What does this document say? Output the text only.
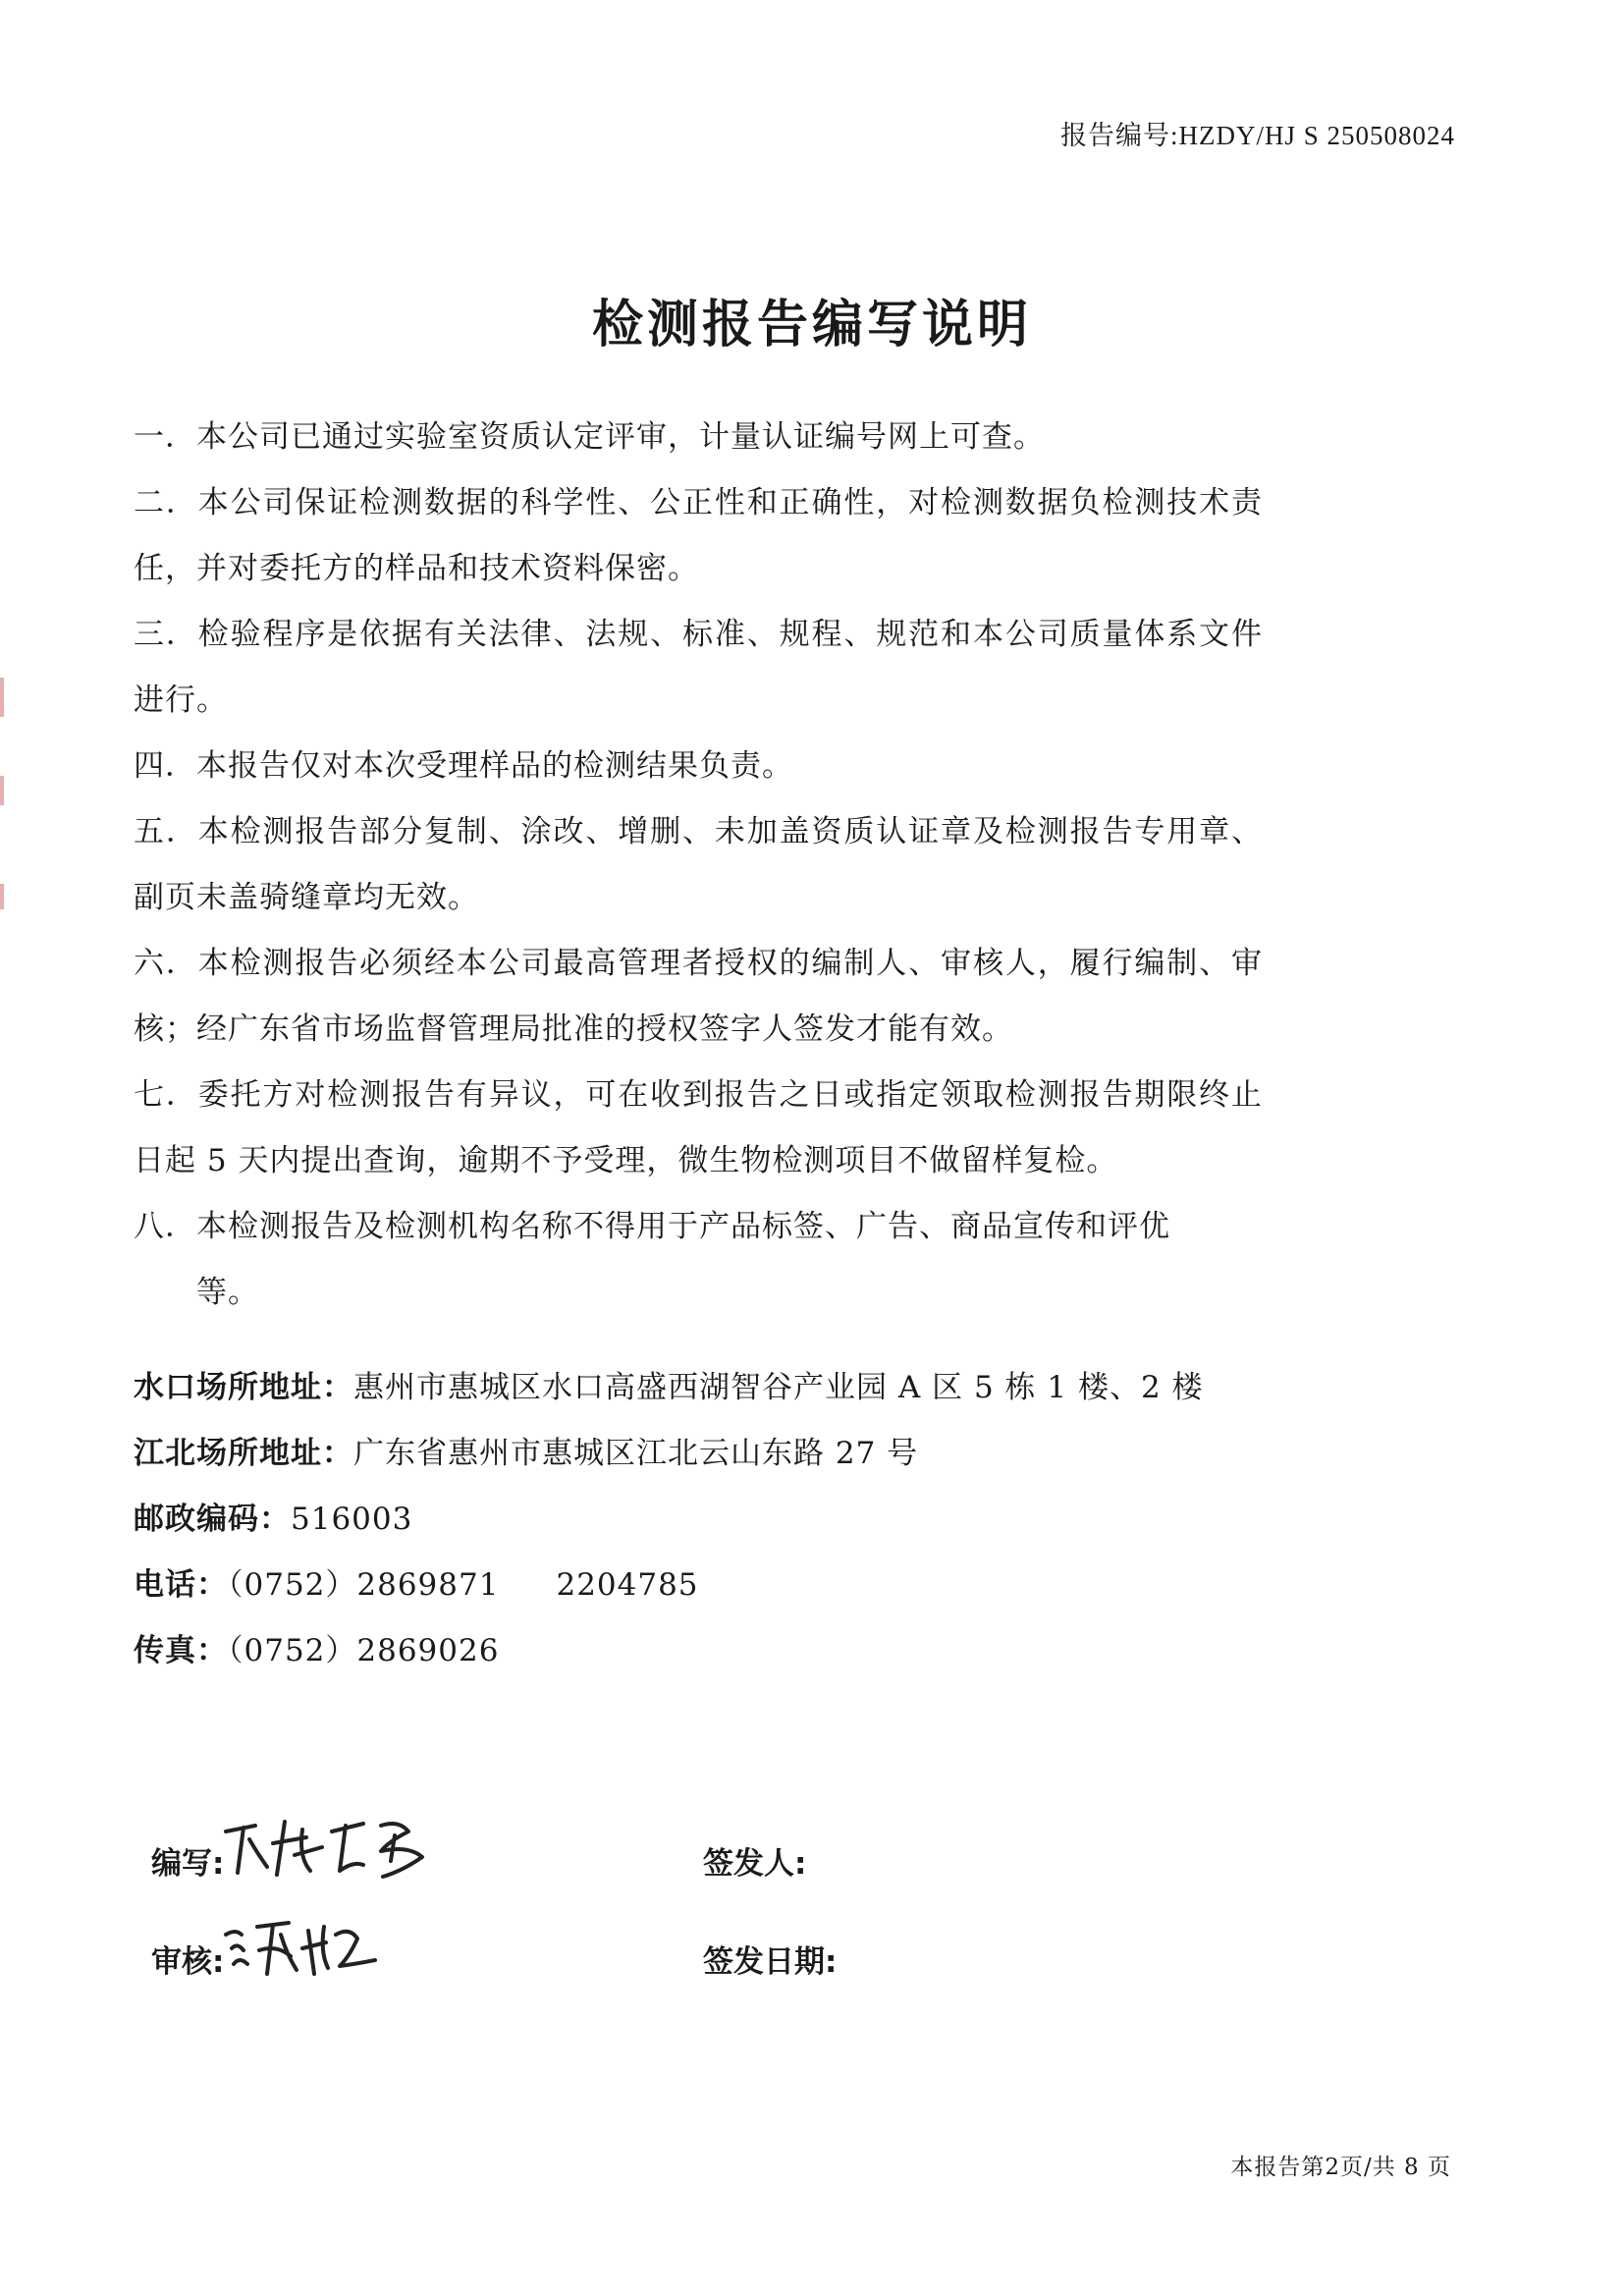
报告编号:HZDY/HJ S 250508024
检测报告编写说明
一．本公司已通过实验室资质认定评审，计量认证编号网上可查。
二．本公司保证检测数据的科学性、公正性和正确性，对检测数据负检测技术责任，并对委托方的样品和技术资料保密。
三．检验程序是依据有关法律、法规、标准、规程、规范和本公司质量体系文件进行。
四．本报告仅对本次受理样品的检测结果负责。
五．本检测报告部分复制、涂改、增删、未加盖资质认证章及检测报告专用章、副页未盖骑缝章均无效。
六．本检测报告必须经本公司最高管理者授权的编制人、审核人，履行编制、审核；经广东省市场监督管理局批准的授权签字人签发才能有效。
七．委托方对检测报告有异议，可在收到报告之日或指定领取检测报告期限终止日起 5 天内提出查询，逾期不予受理，微生物检测项目不做留样复检。
八．本检测报告及检测机构名称不得用于产品标签、广告、商品宣传和评优
等。
水口场所地址：惠州市惠城区水口高盛西湖智谷产业园 A 区 5 栋 1 楼、2 楼
江北场所地址：广东省惠州市惠城区江北云山东路 27 号
邮政编码：516003
电话：（0752）2869871 2204785
传真：（0752）2869026
编写:
审核:
签发人:
签发日期:
本报告第2页/共 8 页
